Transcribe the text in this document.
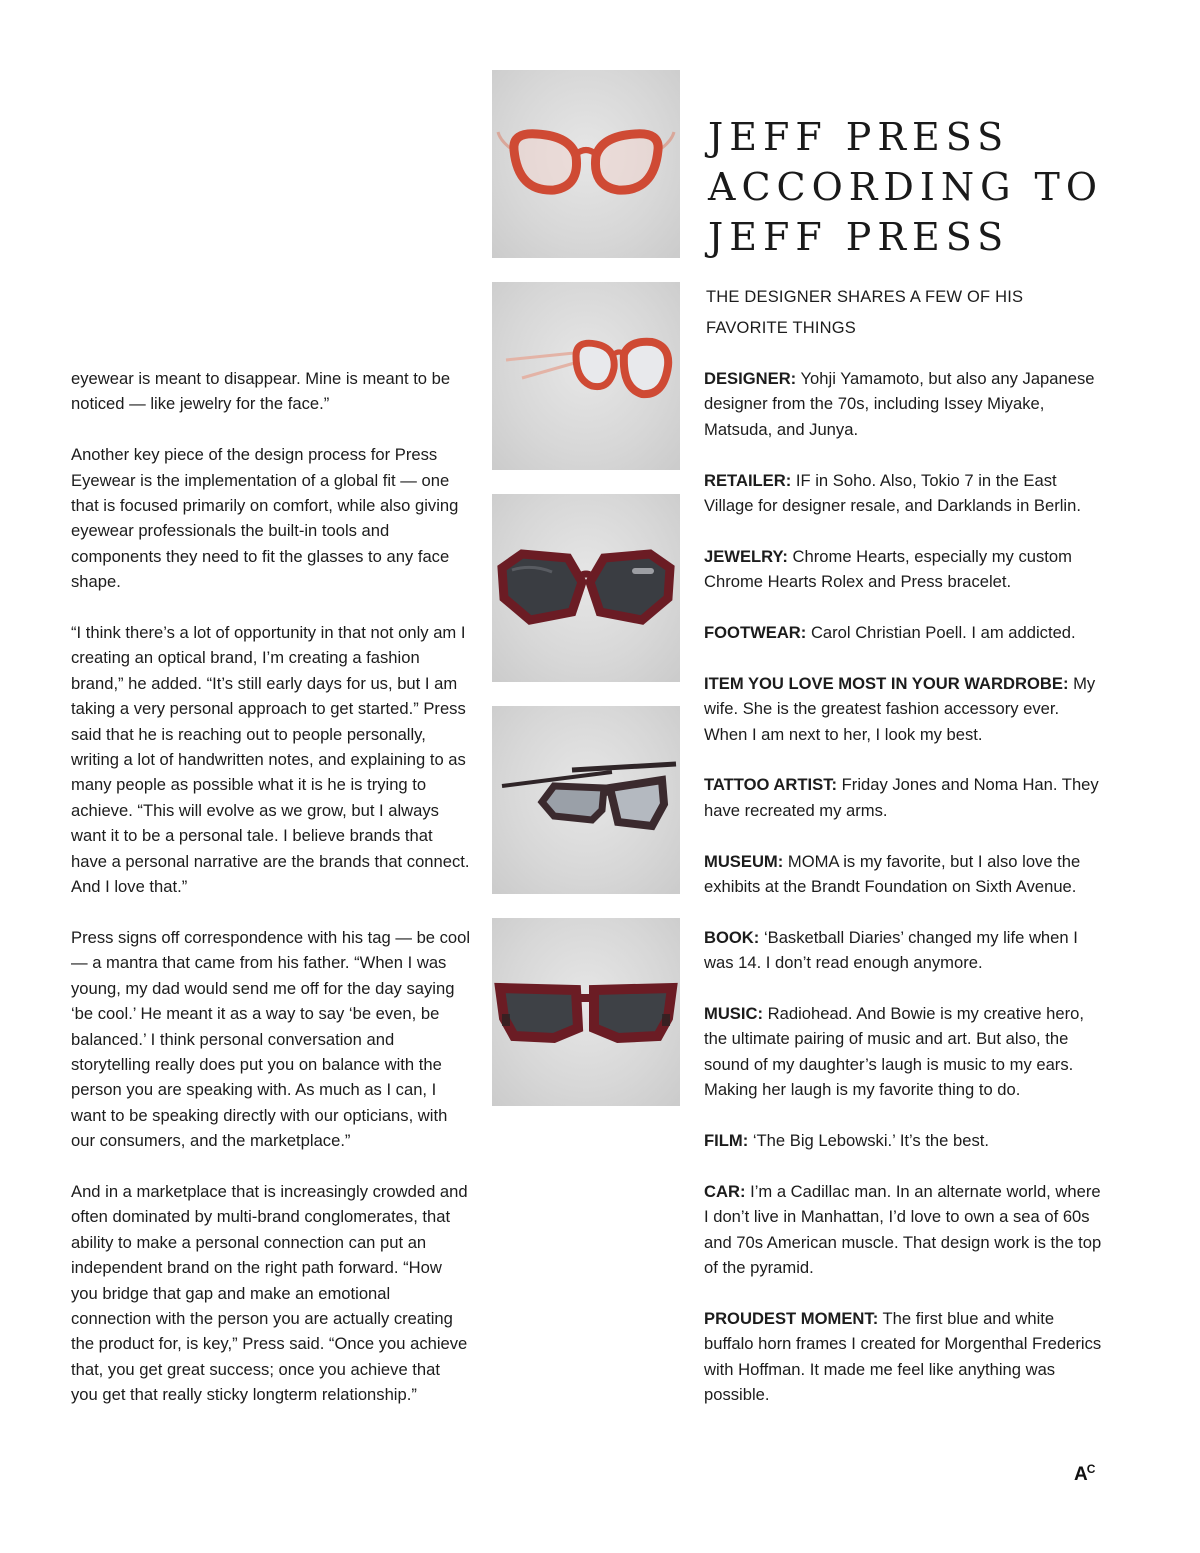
eyewear is meant to disappear. Mine is meant to be noticed — like jewelry for the face.”

Another key piece of the design process for Press Eyewear is the implementation of a global fit — one that is focused primarily on comfort, while also giving eyewear professionals the built-in tools and components they need to fit the glasses to any face shape.

“I think there’s a lot of opportunity in that not only am I creating an optical brand, I’m creating a fashion brand,” he added. “It’s still early days for us, but I am taking a very personal approach to get started.” Press said that he is reaching out to people personally, writing a lot of handwritten notes, and explaining to as many people as possible what it is he is trying to achieve. “This will evolve as we grow, but I always want it to be a personal tale. I believe brands that have a personal narrative are the brands that connect. And I love that.”

Press signs off correspondence with his tag — be cool — a mantra that came from his father. “When I was young, my dad would send me off for the day saying ‘be cool.’ He meant it as a way to say ‘be even, be balanced.’ I think personal conversation and storytelling really does put you on balance with the person you are speaking with. As much as I can, I want to be speaking directly with our opticians, with our consumers, and the marketplace.”

And in a marketplace that is increasingly crowded and often dominated by multi-brand conglomerates, that ability to make a personal connection can put an independent brand on the right path forward. “How you bridge that gap and make an emotional connection with the person you are actually creating the product for, is key,” Press said. “Once you achieve that, you get great success; once you achieve that you get that really sticky longterm relationship.”

JEFF PRESS
ACCORDING TO
JEFF PRESS

THE DESIGNER SHARES A FEW OF HIS
FAVORITE THINGS

DESIGNER: Yohji Yamamoto, but also any Japanese designer from the 70s, including Issey Miyake, Matsuda, and Junya.

RETAILER: IF in Soho. Also, Tokio 7 in the East Village for designer resale, and Darklands in Berlin.

JEWELRY: Chrome Hearts, especially my custom Chrome Hearts Rolex and Press bracelet.

FOOTWEAR: Carol Christian Poell. I am addicted.

ITEM YOU LOVE MOST IN YOUR WARDROBE: My wife. She is the greatest fashion accessory ever. When I am next to her, I look my best.

TATTOO ARTIST: Friday Jones and Noma Han. They have recreated my arms.

MUSEUM: MOMA is my favorite, but I also love the exhibits at the Brandt Foundation on Sixth Avenue.

BOOK: ‘Basketball Diaries’ changed my life when I was 14. I don’t read enough anymore.

MUSIC: Radiohead. And Bowie is my creative hero, the ultimate pairing of music and art. But also, the sound of my daughter’s laugh is music to my ears. Making her laugh is my favorite thing to do.

FILM: ‘The Big Lebowski.’ It’s the best.

CAR: I’m a Cadillac man. In an alternate world, where I don’t live in Manhattan, I’d love to own a sea of 60s and 70s American muscle. That design work is the top of the pyramid.

PROUDEST MOMENT: The first blue and white buffalo horn frames I created for Morgenthal Frederics with Hoffman. It made me feel like anything was possible.

$A^C$
